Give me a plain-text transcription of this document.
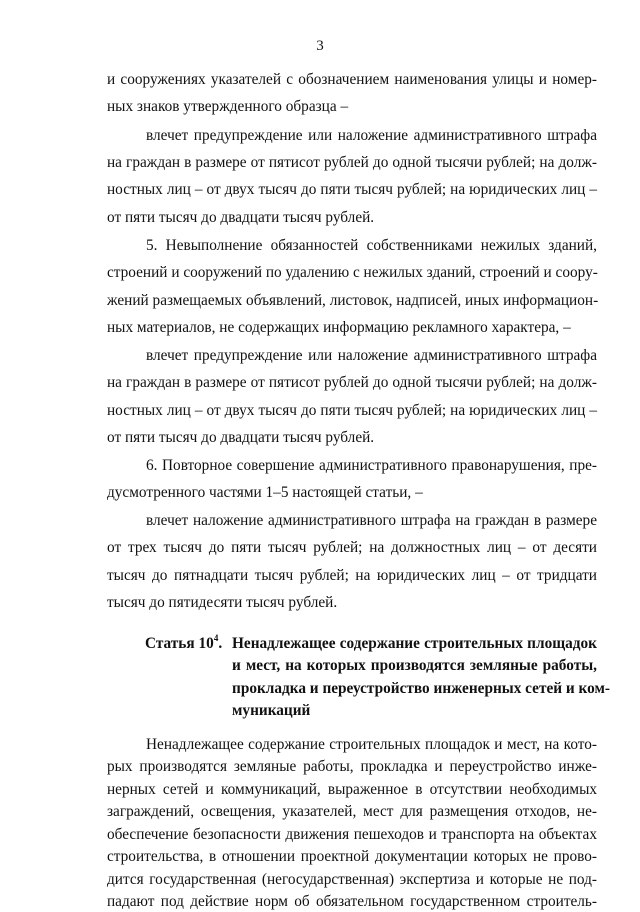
3
и сооружениях указателей с обозначением наименования улицы и номер-
ных знаков утвержденного образца –
влечет предупреждение или наложение административного штрафа
на граждан в размере от пятисот рублей до одной тысячи рублей; на долж-
ностных лиц – от двух тысяч до пяти тысяч рублей; на юридических лиц –
от пяти тысяч до двадцати тысяч рублей.
5. Невыполнение обязанностей собственниками нежилых зданий,
строений и сооружений по удалению с нежилых зданий, строений и соору-
жений размещаемых объявлений, листовок, надписей, иных информацион-
ных материалов, не содержащих информацию рекламного характера, –
влечет предупреждение или наложение административного штрафа
на граждан в размере от пятисот рублей до одной тысячи рублей; на долж-
ностных лиц – от двух тысяч до пяти тысяч рублей; на юридических лиц –
от пяти тысяч до двадцати тысяч рублей.
6. Повторное совершение административного правонарушения, пре-
дусмотренного частями 1–5 настоящей статьи, –
влечет наложение административного штрафа на граждан в размере
от трех тысяч до пяти тысяч рублей; на должностных лиц – от десяти
тысяч до пятнадцати тысяч рублей; на юридических лиц – от тридцати
тысяч до пятидесяти тысяч рублей.
Статья $10^4$. Ненадлежащее содержание строительных площадок
и мест, на которых производятся земляные работы,
прокладка и переустройство инженерных сетей и ком-
муникаций
Ненадлежащее содержание строительных площадок и мест, на кото-
рых производятся земляные работы, прокладка и переустройство инже-
нерных сетей и коммуникаций, выраженное в отсутствии необходимых
заграждений, освещения, указателей, мест для размещения отходов, не-
обеспечение безопасности движения пешеходов и транспорта на объектах
строительства, в отношении проектной документации которых не прово-
дится государственная (негосударственная) экспертиза и которые не под-
падают под действие норм об обязательном государственном строитель-
